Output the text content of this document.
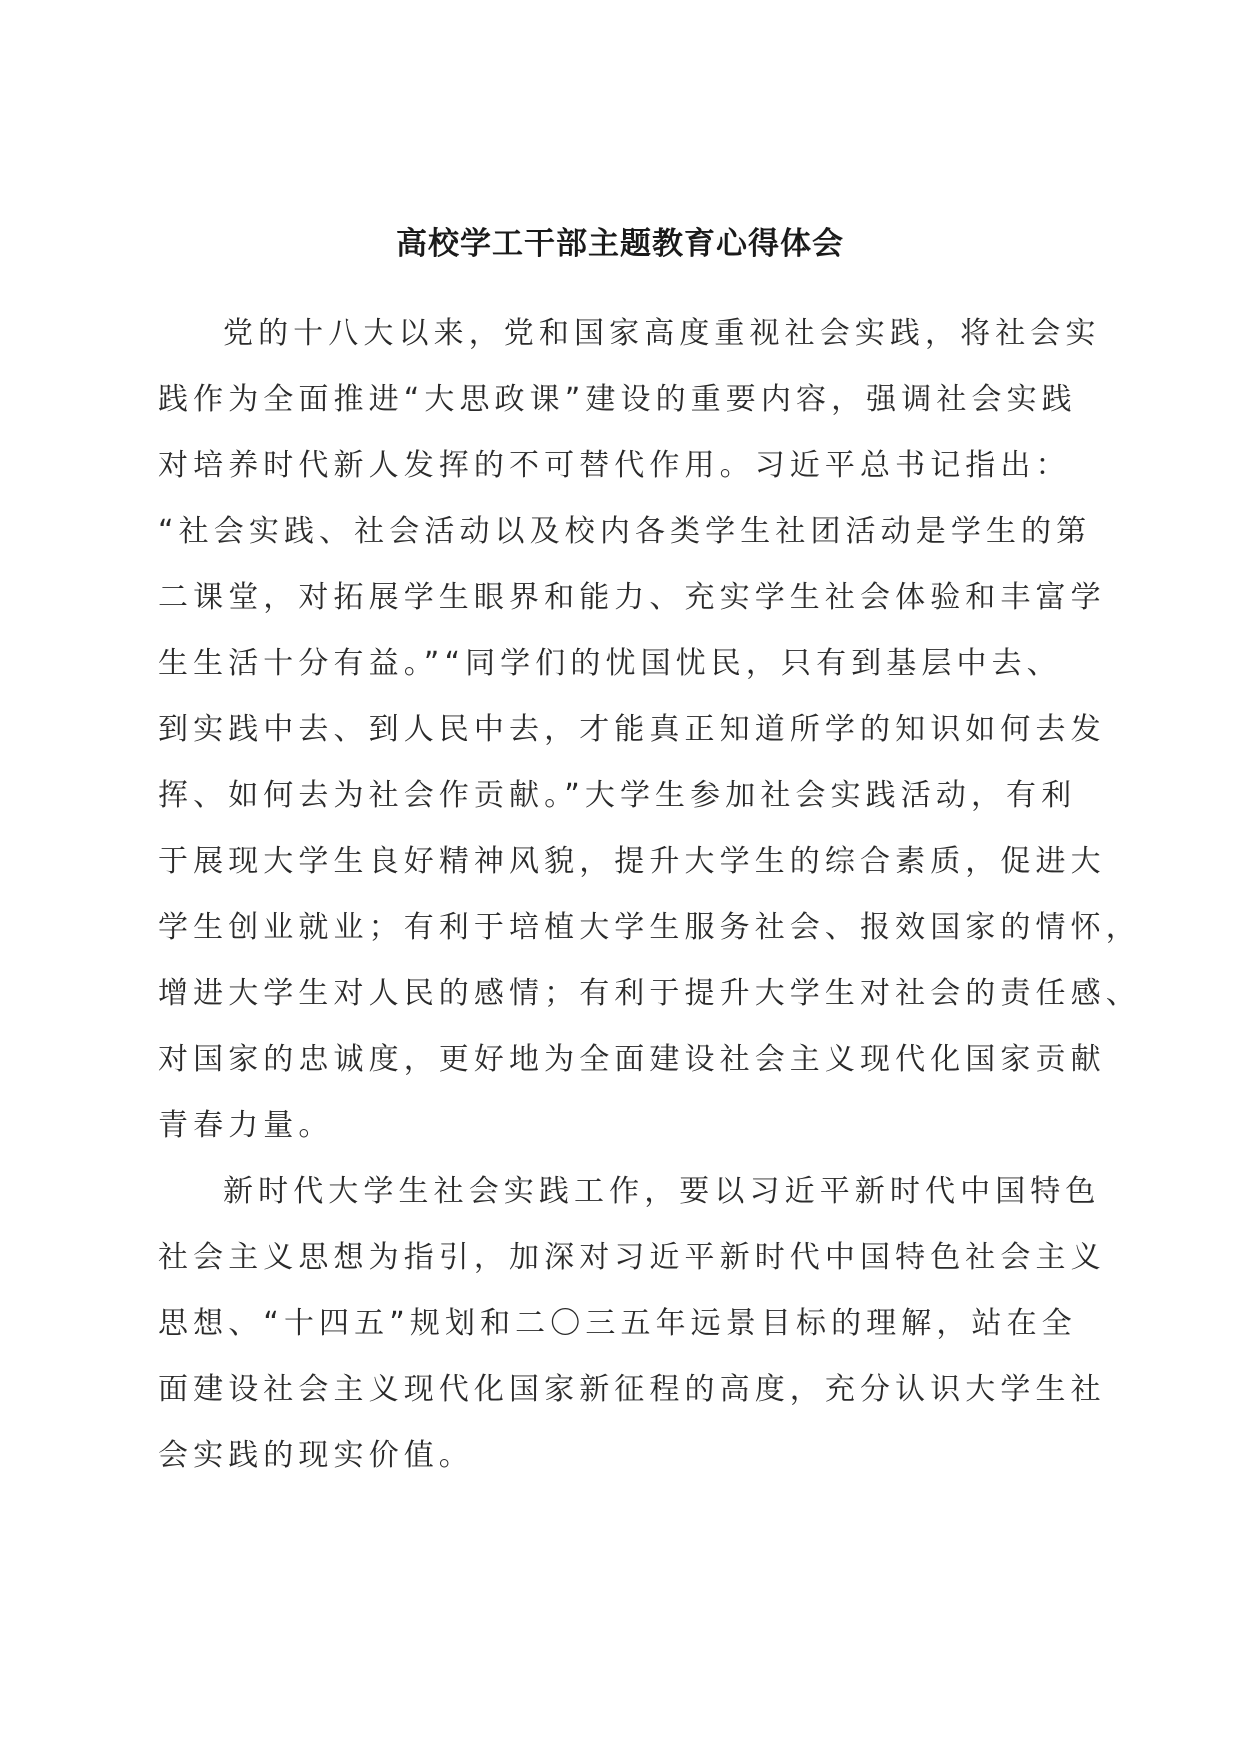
高校学工干部主题教育心得体会
党的十八大以来，党和国家高度重视社会实践，将社会实
践作为全面推进“大思政课”建设的重要内容，强调社会实践
对培养时代新人发挥的不可替代作用。习近平总书记指出：
“社会实践、社会活动以及校内各类学生社团活动是学生的第
二课堂，对拓展学生眼界和能力、充实学生社会体验和丰富学
生生活十分有益。”“同学们的忧国忧民，只有到基层中去、
到实践中去、到人民中去，才能真正知道所学的知识如何去发
挥、如何去为社会作贡献。”大学生参加社会实践活动，有利
于展现大学生良好精神风貌，提升大学生的综合素质，促进大
学生创业就业；有利于培植大学生服务社会、报效国家的情怀，
增进大学生对人民的感情；有利于提升大学生对社会的责任感、
对国家的忠诚度，更好地为全面建设社会主义现代化国家贡献
青春力量。
新时代大学生社会实践工作，要以习近平新时代中国特色
社会主义思想为指引，加深对习近平新时代中国特色社会主义
思想、“十四五”规划和二〇三五年远景目标的理解，站在全
面建设社会主义现代化国家新征程的高度，充分认识大学生社
会实践的现实价值。
